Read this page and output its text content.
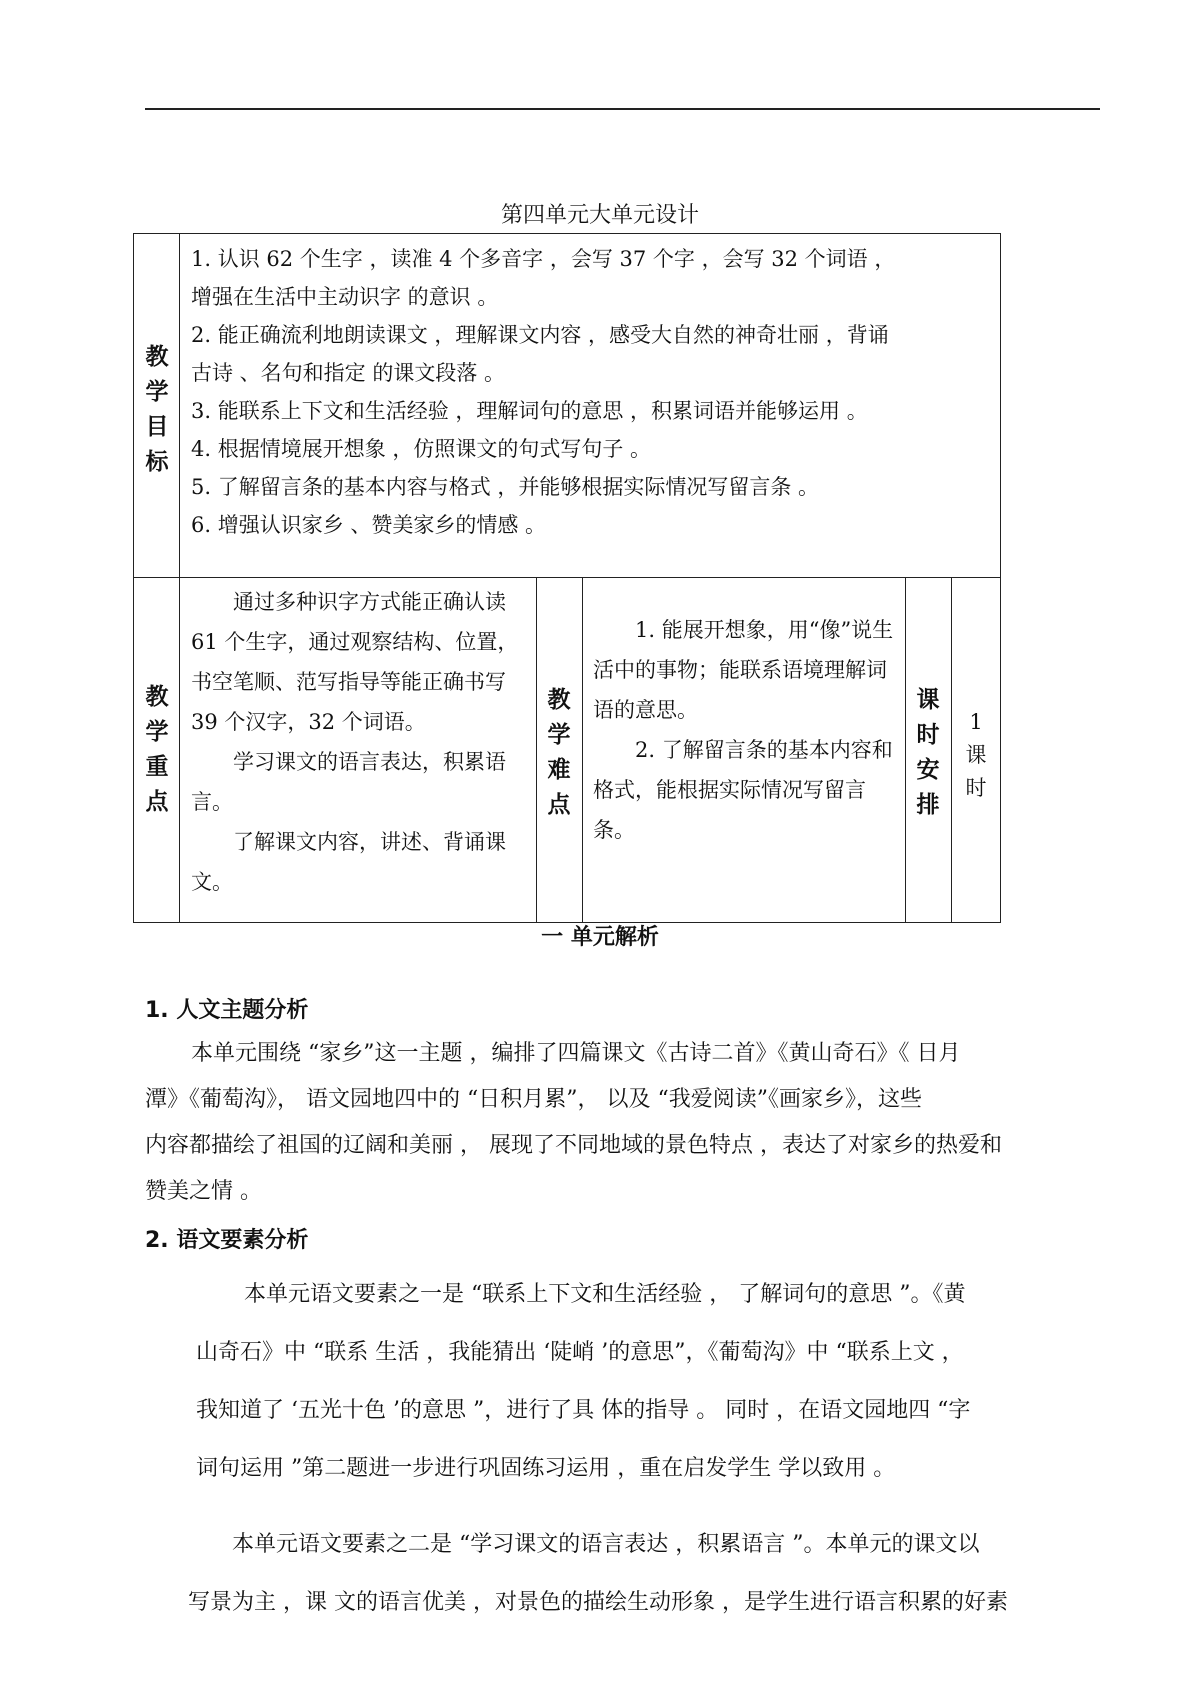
第四单元大单元设计
教
学
目
标
1. 认识 62 个生字 ，读准 4 个多音字 ，会写 37 个字 ，会写 32 个词语 ，
增强在生活中主动识字 的意识 。
2. 能正确流利地朗读课文 ，理解课文内容 ，感受大自然的神奇壮丽 ，背诵
古诗 、名句和指定 的课文段落 。
3. 能联系上下文和生活经验 ，理解词句的意思 ，积累词语并能够运用 。
4. 根据情境展开想象 ，仿照课文的句式写句子 。
5. 了解留言条的基本内容与格式 ，并能够根据实际情况写留言条 。
6. 增强认识家乡 、赞美家乡的情感 。
教
学
重
点

通过多种识字方式能正确认读 61 个生字，通过观察结构、位置，书空笔顺、范写指导等能正确书写 39 个汉字，32 个词语。

学习课文的语言表达，积累语言。

了解课文内容，讲述、背诵课文。

教
学
难
点

1. 能展开想象，用“像”说生活中的事物；能联系语境理解词语的意思。

2. 了解留言条的基本内容和格式，能根据实际情况写留言条。

课
时
安
排
1
课
时
一 单元解析
1. 人文主题分析
本单元围绕 “家乡”这一主题 ，编排了四篇课文《古诗二首》《黄山奇石》《 日月
潭》《葡萄沟》， 语文园地四中的 “日积月累”， 以及 “我爱阅读”《画家乡》，这些
内容都描绘了祖国的辽阔和美丽 ， 展现了不同地域的景色特点 ，表达了对家乡的热爱和
赞美之情 。
2. 语文要素分析
本单元语文要素之一是 “联系上下文和生活经验 ， 了解词句的意思 ”。《黄
山奇石》中 “联系 生活 ，我能猜出 ‘陡峭 ’的意思”，《葡萄沟》中 “联系上文 ，
我知道了 ‘五光十色 ’的意思 ”，进行了具 体的指导 。 同时 ，在语文园地四 “字
词句运用 ”第二题进一步进行巩固练习运用 ，重在启发学生 学以致用 。
本单元语文要素之二是 “学习课文的语言表达 ，积累语言 ”。本单元的课文以
写景为主 ，课 文的语言优美 ，对景色的描绘生动形象 ，是学生进行语言积累的好素
